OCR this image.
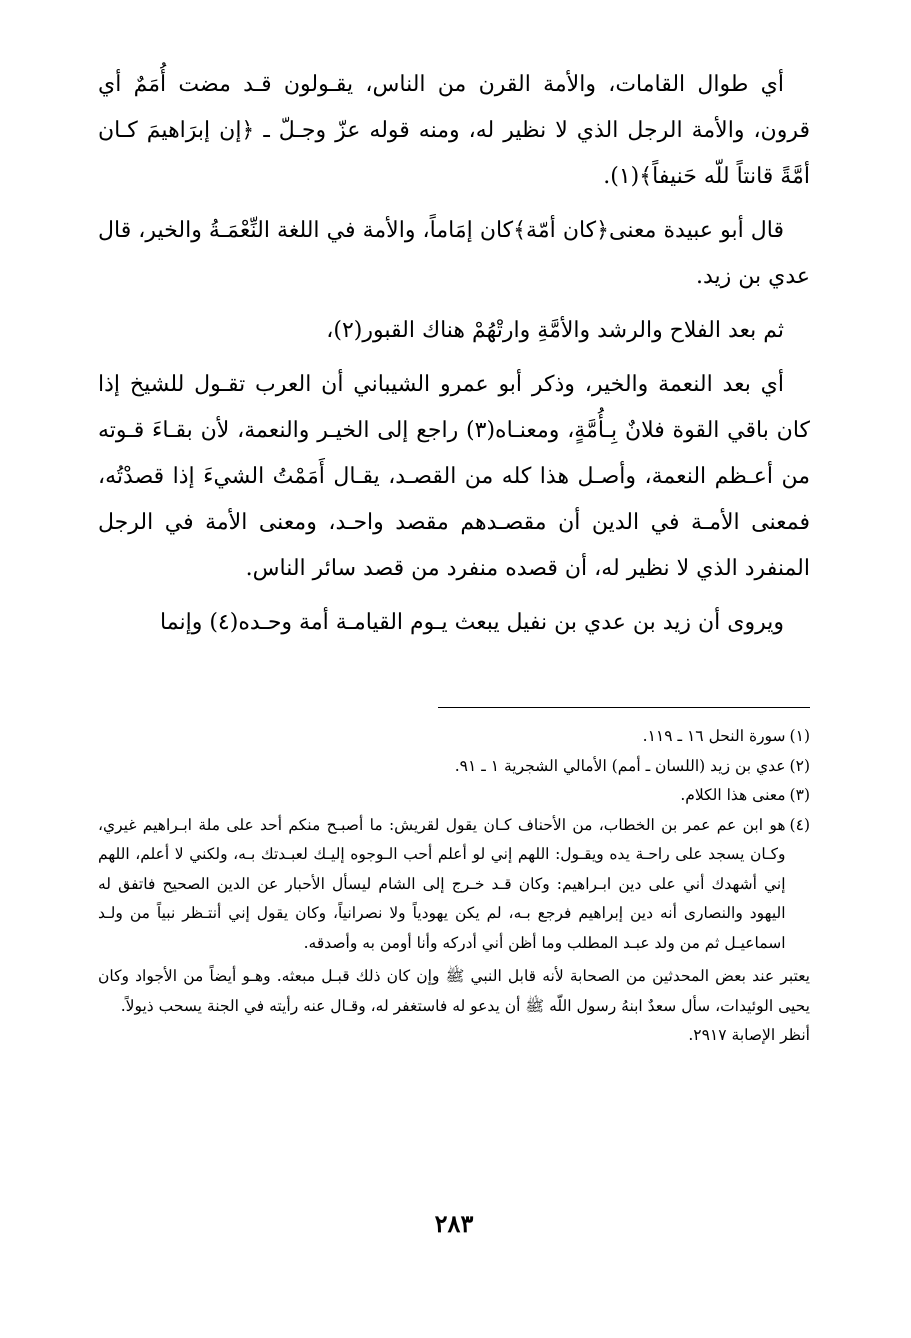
أي طوال القامات، والأمة القرن من الناس، يقـولون قـد مضت أُمَمٌ أي قرون، والأمة الرجل الذي لا نظير له، ومنه قوله عزّ وجـلّ ـ ﴿إن إبرَاهيمَ كـان أمَّةً قانتاً للّه حَنيفاً﴾(١).

قال أبو عبيدة معنى﴿كان أمّة﴾كان إمَاماً، والأمة في اللغة النِّعْمَـةُ والخير، قال عدي بن زيد.

ثم بعد الفلاح والرشد والأمَّةِ وارتْهُمْ هناك القبور(٢)،

أي بعد النعمة والخير، وذكر أبو عمرو الشيباني أن العرب تقـول للشيخ إذا كان باقي القوة فلانٌ بِـأُمَّةٍ، ومعنـاه(٣) راجع إلى الخيـر والنعمة، لأن بقـاءَ قـوته من أعـظم النعمة، وأصـل هذا كله من القصـد، يقـال أَمَمْتُ الشيءَ إذا قصدْتُه، فمعنى الأمـة في الدين أن مقصـدهم مقصد واحـد، ومعنى الأمة في الرجل المنفرد الذي لا نظير له، أن قصده منفرد من قصد سائر الناس.

ويروى أن زيد بن عدي بن نفيل يبعث يـوم القيامـة أمة وحـده(٤) وإنما

(١)
سورة النحل ١٦ ـ ١١٩.
(٢)
عدي بن زيد (اللسان ـ أمم) الأمالي الشجرية ١ ـ ٩١.
(٣)
معنى هذا الكلام.
(٤)
هو ابن عم عمر بن الخطاب، من الأحناف كـان يقول لقريش: ما أصبـح منكم أحد على ملة ابـراهيم غيري، وكـان يسجد على راحـة يده ويقـول: اللهم إني لو أعلم أحب الـوجوه إليـك لعبـدتك بـه، ولكني لا أعلم، اللهم إني أشهدك أني على دين ابـراهيم: وكان قـد خـرج إلى الشام ليسأل الأحبار عن الدين الصحيح فاتفق له اليهود والنصارى أنه دين إبراهيم فرجع بـه، لم يكن يهودياً ولا نصرانياً، وكان يقول إني أنتـظر نبياً من ولـد اسماعيـل ثم من ولد عبـد المطلب وما أظن أني أدركه وأنا أومن به وأصدقه.

يعتبر عند بعض المحدثين من الصحابة لأنه قابل النبي ﷺ وإن كان ذلك قبـل مبعثه. وهـو أيضاً من الأجواد وكان يحيى الوئيدات، سأل سعدٌ ابنهُ رسول اللّه ﷺ أن يدعو له فاستغفر له، وقـال عنه رأيته في الجنة يسحب ذيولاً.

أنظر الإصابة ٢٩١٧.

٢٨٣
